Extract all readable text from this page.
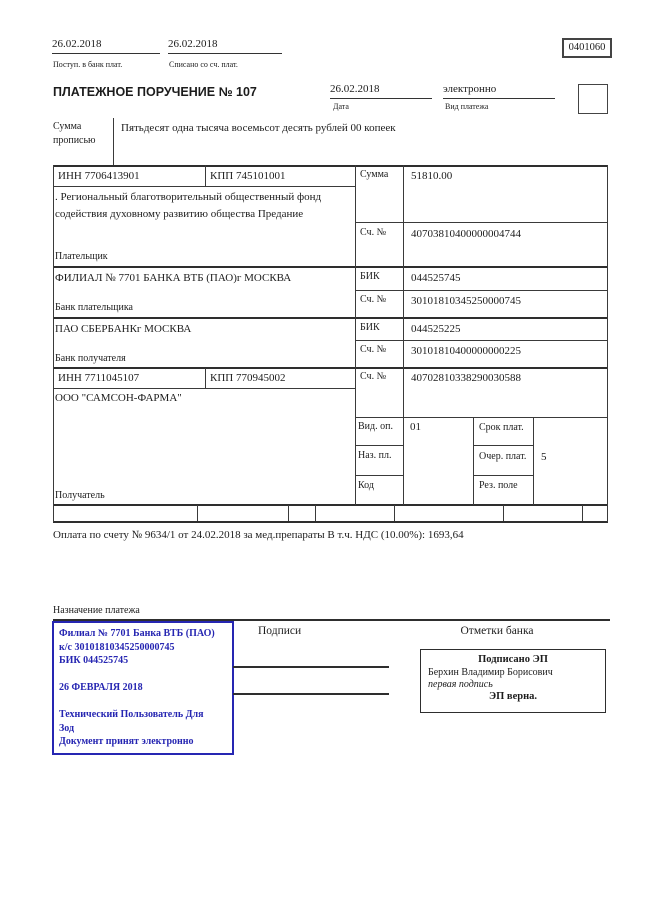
26.02.2018
Поступ. в банк плат.
26.02.2018
Списано со сч. плат.
0401060
ПЛАТЕЖНОЕ ПОРУЧЕНИЕ № 107	26.02.2018
Дата
электронно
Вид платежа
Сумма
прописью
Пятьдесят одна тысяча восемьсот десять рублей 00 копеек
ИНН 7706413901	КПП 745101001	Сумма 51810.00
. Региональный благотворительный общественный фонд содействия духовному развитию общества Предание
Сч. № 40703810400000004744
Плательщик
ФИЛИАЛ № 7701 БАНКА ВТБ (ПАО)г МОСКВА	БИК	044525745
Сч. № 30101810345250000745
Банк плательщика
ПАО СБЕРБАНКг МОСКВА	БИК	044525225
Сч. № 30101810400000000225
Банк получателя
ИНН 7711045107	КПП 770945002	Сч. № 40702810338290030588
ООО "САМСОН-ФАРМА"
Вид. оп. 01	Срок плат.
Наз. пл.	Очер. плат. 5
Код	Рез. поле
Получатель
Оплата по счету № 9634/1 от 24.02.2018 за мед.препараты В т.ч. НДС (10.00%): 1693,64
Назначение платежа
Филиал № 7701 Банка ВТБ (ПАО)
к/с 30101810345250000745
БИК 044525745
26 ФЕВРАЛЯ 2018
Технический Пользователь Для
Зод
Документ принят электронно
Подписи	Отметки банка
Подписано ЭП
Берхин Владимир Борисович
первая подпись
ЭП верна.
